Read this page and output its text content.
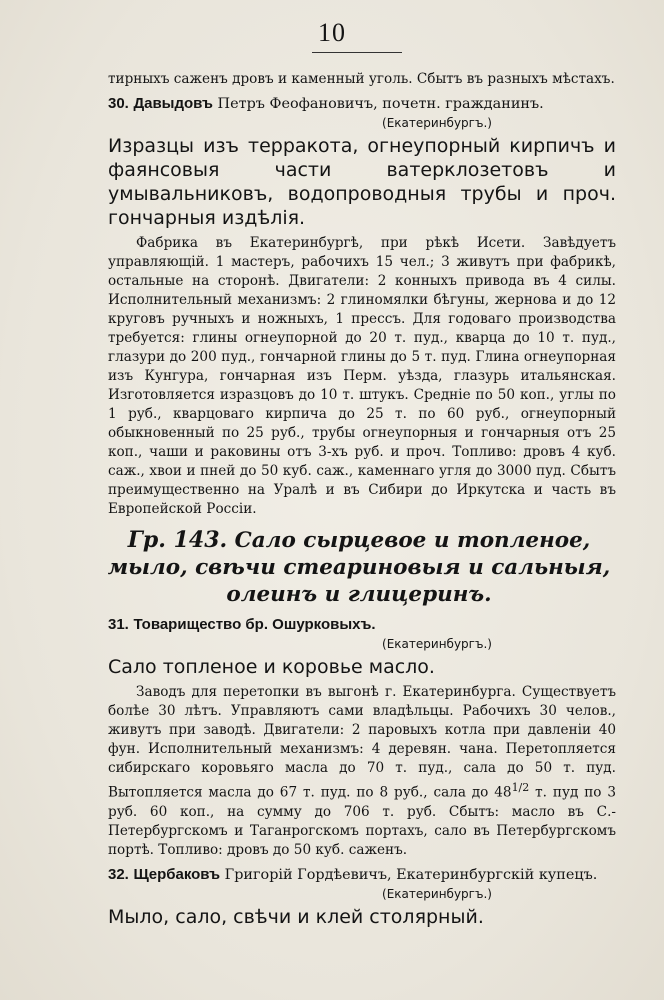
10

тирныхъ саженъ дровъ и каменный уголь. Сбытъ въ разныхъ мѣстахъ.

30. Давыдовъ Петръ Феофановичъ, почетн. гражданинъ.

(Екатеринбургъ.)

Изразцы изъ терракота, огнеупорный кирпичъ и фаянсовыя части ватерклозетовъ и умывальниковъ, водопроводныя трубы и проч. гончарныя издѣлія.

Фабрика въ Екатеринбургѣ, при рѣкѣ Исети. Завѣдуетъ управляющій. 1 мастеръ, рабочихъ 15 чел.; 3 живутъ при фабрикѣ, остальные на сторонѣ. Двигатели: 2 конныхъ привода въ 4 силы. Исполнительный механизмъ: 2 глиномялки бѣгуны, жернова и до 12 круговъ ручныхъ и ножныхъ, 1 прессъ. Для годоваго производства требуется: глины огнеупорной до 20 т. пуд., кварца до 10 т. пуд., глазури до 200 пуд., гончарной глины до 5 т. пуд. Глина огнеупорная изъ Кунгура, гончарная изъ Перм. уѣзда, глазурь итальянская. Изготовляется изразцовъ до 10 т. штукъ. Средніе по 50 коп., углы по 1 руб., кварцоваго кирпича до 25 т. по 60 руб., огнеупорный обыкновенный по 25 руб., трубы огнеупорныя и гончарныя отъ 25 коп., чаши и раковины отъ 3-хъ руб. и проч. Топливо: дровъ 4 куб. саж., хвои и пней до 50 куб. саж., каменнаго угля до 3000 пуд. Сбытъ преимущественно на Уралѣ и въ Сибири до Иркутска и часть въ Европейской Россіи.

Гр. 143. Сало сырцевое и топленое, мыло, свѣчи стеариновыя и сальныя, олеинъ и глицеринъ.

31. Товарищество бр. Ошурковыхъ.

(Екатеринбургъ.)

Сало топленое и коровье масло.

Заводъ для перетопки въ выгонѣ г. Екатеринбурга. Существуетъ болѣе 30 лѣтъ. Управляютъ сами владѣльцы. Рабочихъ 30 челов., живутъ при заводѣ. Двигатели: 2 паровыхъ котла при давленіи 40 фун. Исполнительный механизмъ: 4 деревян. чана. Перетопляется сибирскаго коровьяго масла до 70 т. пуд., сала до 50 т. пуд. Вытопляется масла до 67 т. пуд. по 8 руб., сала до $48^{1/2}$ т. пуд по 3 руб. 60 коп., на сумму до 706 т. руб. Сбытъ: масло въ С.-Петербургскомъ и Таганрогскомъ портахъ, сало въ Петербургскомъ портѣ. Топливо: дровъ до 50 куб. саженъ.

32. Щербаковъ Григорій Гордѣевичъ, Екатеринбургскій купецъ.

(Екатеринбургъ.)

Мыло, сало, свѣчи и клей столярный.
